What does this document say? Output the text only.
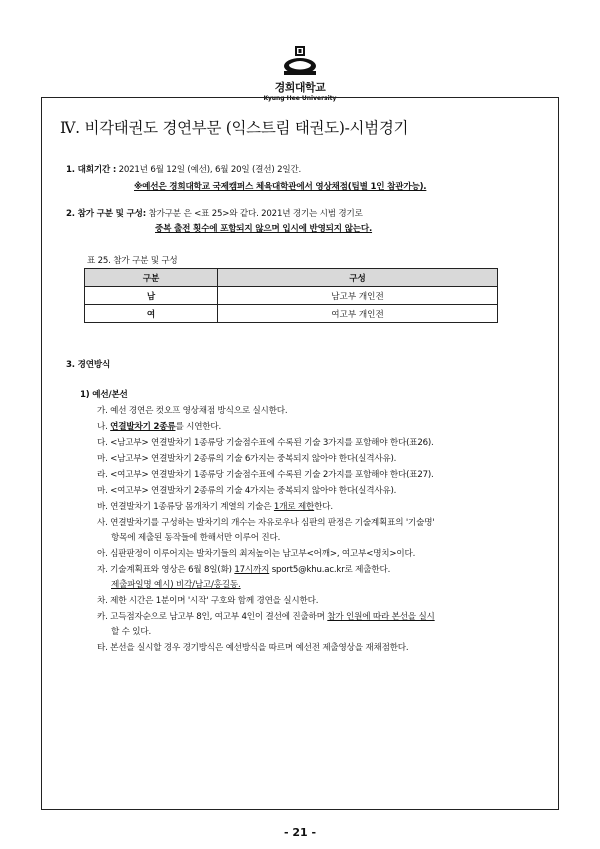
경희대학교
Kyung Hee University
Ⅳ. 비각태권도 경연부문 (익스트림 태권도)-시범경기
1. 대회기간 : 2021년 6월 12일 (예선), 6월 20일 (결선) 2일간.
※예선은 경희대학교 국제캠퍼스 체육대학관에서 영상채점(팀별 1인 참관가능).
2. 참가 구분 및 구성: 참가구분 은 <표 25>와 같다. 2021년 경기는 시범 경기로
중복 출전 횟수에 포함되지 않으며 입시에 반영되지 않는다.
표 25. 참가 구분 및 구성
구분	구성
남	남고부 개인전
여	여고부 개인전
3. 경연방식
1) 예선/본선
가. 예선 경연은 컷오프 영상채점 방식으로 실시한다.
나. 연결발차기 2종류를 시연한다.
다. <남고부> 연결발차기 1종류당 기술점수표에 수록된 기술 3가지를 포함해야 한다(표26).
마. <남고부> 연결발차기 2종류의 기술 6가지는 중복되지 않아야 한다(실격사유).
라. <여고부> 연결발차기 1종류당 기술점수표에 수록된 기술 2가지를 포함해야 한다(표27).
마. <여고부> 연결발차기 2종류의 기술 4가지는 중복되지 않아야 한다(실격사유).
바. 연결발차기 1종류당 몸개차기 계열의 기술은 1개로 제한한다.
사. 연결발차기를 구성하는 발차기의 개수는 자유로우나 심판의 판정은 기술계획표의 '기술명'
항목에 제출된 동작들에 한해서만 이루어 진다.
아. 심판판정이 이루어지는 발차기들의 최저높이는 남고부<어깨>, 여고부<명치>이다.
자. 기술계획표와 영상은 6월 8일(화) 17시까지 sport5@khu.ac.kr로 제출한다.
제출파일명 예시) 비각/남고/홍길동.
차. 제한 시간은 1분이며 '시작' 구호와 함께 경연을 실시한다.
카. 고득점자순으로 남고부 8인, 여고부 4인이 결선에 진출하며 참가 인원에 따라 본선을 실시
할 수 있다.
타. 본선을 실시할 경우 경기방식은 예선방식을 따르며 예선전 제출영상을 재채점한다.
- 21 -
